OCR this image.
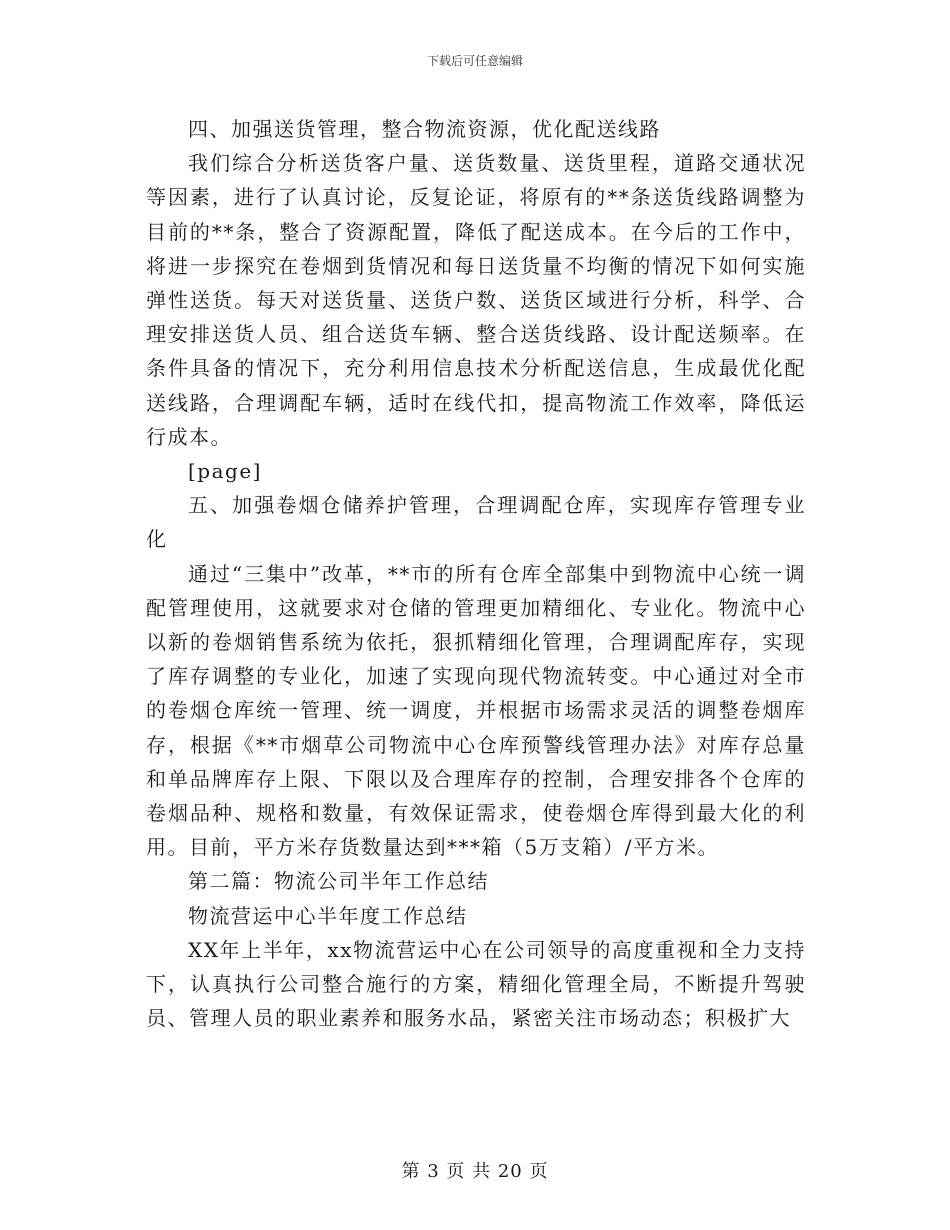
下载后可任意编辑

四、加强送货管理，整合物流资源，优化配送线路

我们综合分析送货客户量、送货数量、送货里程，道路交通状况等因素，进行了认真讨论，反复论证，将原有的**条送货线路调整为目前的**条，整合了资源配置，降低了配送成本。在今后的工作中，将进一步探究在卷烟到货情况和每日送货量不均衡的情况下如何实施弹性送货。每天对送货量、送货户数、送货区域进行分析，科学、合理安排送货人员、组合送货车辆、整合送货线路、设计配送频率。在条件具备的情况下，充分利用信息技术分析配送信息，生成最优化配送线路，合理调配车辆，适时在线代扣，提高物流工作效率，降低运行成本。

[page]

五、加强卷烟仓储养护管理，合理调配仓库，实现库存管理专业化

通过“三集中”改革，**市的所有仓库全部集中到物流中心统一调配管理使用，这就要求对仓储的管理更加精细化、专业化。物流中心以新的卷烟销售系统为依托，狠抓精细化管理，合理调配库存，实现了库存调整的专业化，加速了实现向现代物流转变。中心通过对全市的卷烟仓库统一管理、统一调度，并根据市场需求灵活的调整卷烟库存，根据《**市烟草公司物流中心仓库预警线管理办法》对库存总量和单品牌库存上限、下限以及合理库存的控制，合理安排各个仓库的卷烟品种、规格和数量，有效保证需求，使卷烟仓库得到最大化的利用。目前，平方米存货数量达到***箱（5万支箱）/平方米。

第二篇：物流公司半年工作总结

物流营运中心半年度工作总结

XX年上半年，xx物流营运中心在公司领导的高度重视和全力支持下，认真执行公司整合施行的方案，精细化管理全局，不断提升驾驶员、管理人员的职业素养和服务水品，紧密关注市场动态；积极扩大

第 3 页 共 20 页
